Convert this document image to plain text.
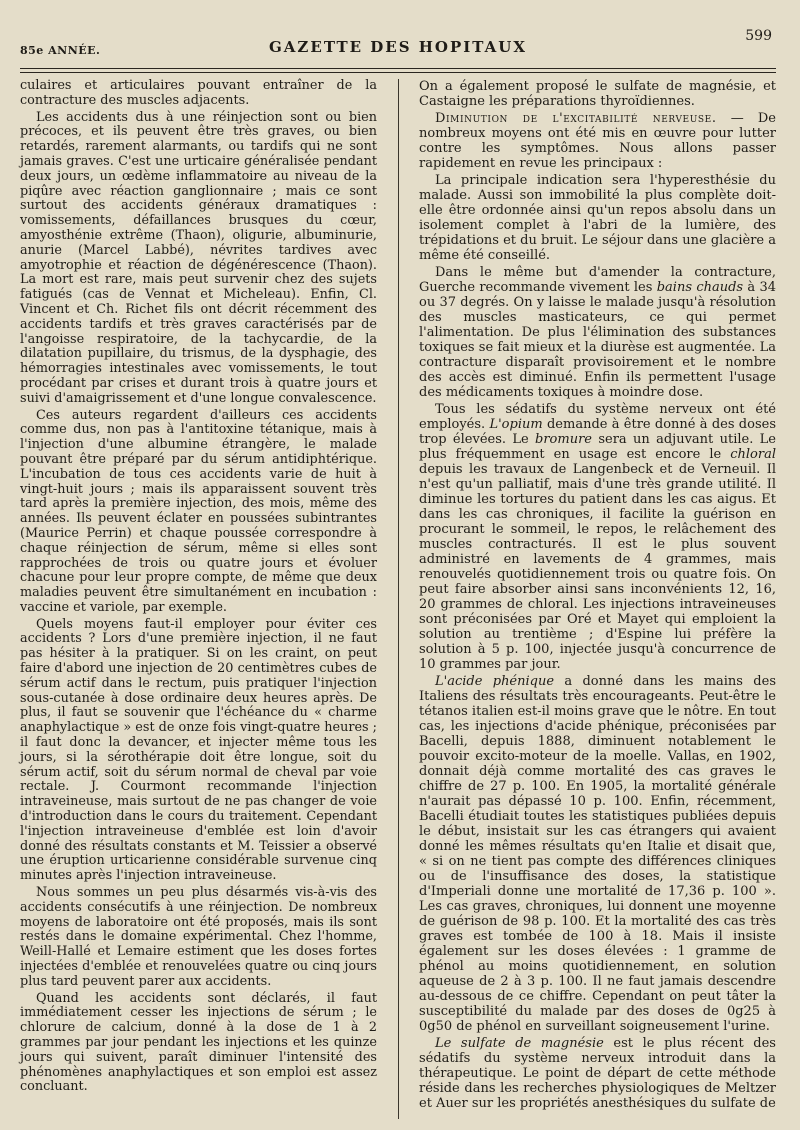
85e ANNÉE.	GAZETTE DES HOPITAUX
599

culaires et articulaires pouvant entraîner de la contracture des muscles adjacents.

Les accidents dus à une réinjection sont ou bien précoces, et ils peuvent être très graves, ou bien retardés, rarement alarmants, ou tardifs qui ne sont jamais graves. C'est une urticaire généralisée pendant deux jours, un œdème inflammatoire au niveau de la piqûre avec réaction ganglionnaire ; mais ce sont surtout des accidents généraux dramatiques : vomissements, défaillances brusques du cœur, amyosthénie extrême (Thaon), oligurie, albuminurie, anurie (Marcel Labbé), névrites tardives avec amyotrophie et réaction de dégénérescence (Thaon). La mort est rare, mais peut survenir chez des sujets fatigués (cas de Vennat et Micheleau). Enfin, Cl. Vincent et Ch. Richet fils ont décrit récemment des accidents tardifs et très graves caractérisés par de l'angoisse respiratoire, de la tachycardie, de la dilatation pupillaire, du trismus, de la dysphagie, des hémorragies intestinales avec vomissements, le tout procédant par crises et durant trois à quatre jours et suivi d'amaigrissement et d'une longue convalescence.

Ces auteurs regardent d'ailleurs ces accidents comme dus, non pas à l'antitoxine tétanique, mais à l'injection d'une albumine étrangère, le malade pouvant être préparé par du sérum antidiphtérique. L'incubation de tous ces accidents varie de huit à vingt-huit jours ; mais ils apparaissent souvent très tard après la première injection, des mois, même des années. Ils peuvent éclater en poussées subintrantes (Maurice Perrin) et chaque poussée correspondre à chaque réinjection de sérum, même si elles sont rapprochées de trois ou quatre jours et évoluer chacune pour leur propre compte, de même que deux maladies peuvent être simultanément en incubation : vaccine et variole, par exemple.

Quels moyens faut-il employer pour éviter ces accidents ? Lors d'une première injection, il ne faut pas hésiter à la pratiquer. Si on les craint, on peut faire d'abord une injection de 20 centimètres cubes de sérum actif dans le rectum, puis pratiquer l'injection sous-cutanée à dose ordinaire deux heures après. De plus, il faut se souvenir que l'échéance du « charme anaphylactique » est de onze fois vingt-quatre heures ; il faut donc la devancer, et injecter même tous les jours, si la sérothérapie doit être longue, soit du sérum actif, soit du sérum normal de cheval par voie rectale. J. Courmont recommande l'injection intraveineuse, mais surtout de ne pas changer de voie d'introduction dans le cours du traitement. Cependant l'injection intraveineuse d'emblée est loin d'avoir donné des résultats constants et M. Teissier a observé une éruption urticarienne considérable survenue cinq minutes après l'injection intraveineuse.

Nous sommes un peu plus désarmés vis-à-vis des accidents consécutifs à une réinjection. De nombreux moyens de laboratoire ont été proposés, mais ils sont restés dans le domaine expérimental. Chez l'homme, Weill-Hallé et Lemaire estiment que les doses fortes injectées d'emblée et renouvelées quatre ou cinq jours plus tard peuvent parer aux accidents.

Quand les accidents sont déclarés, il faut immédiatement cesser les injections de sérum ; le chlorure de calcium, donné à la dose de 1 à 2 grammes par jour pendant les injections et les quinze jours qui suivent, paraît diminuer l'intensité des phénomènes anaphylactiques et son emploi est assez concluant.

On a également proposé le sulfate de magnésie, et Castaigne les préparations thyroïdiennes.

Diminution de l'excitabilité nerveuse. — De nombreux moyens ont été mis en œuvre pour lutter contre les symptômes. Nous allons passer rapidement en revue les principaux :

La principale indication sera l'hyperesthésie du malade. Aussi son immobilité la plus complète doit-elle être ordonnée ainsi qu'un repos absolu dans un isolement complet à l'abri de la lumière, des trépidations et du bruit. Le séjour dans une glacière a même été conseillé.

Dans le même but d'amender la contracture, Guerche recommande vivement les bains chauds à 34 ou 37 degrés. On y laisse le malade jusqu'à résolution des muscles masticateurs, ce qui permet l'alimentation. De plus l'élimination des substances toxiques se fait mieux et la diurèse est augmentée. La contracture disparaît provisoirement et le nombre des accès est diminué. Enfin ils permettent l'usage des médicaments toxiques à moindre dose.

Tous les sédatifs du système nerveux ont été employés. L'opium demande à être donné à des doses trop élevées. Le bromure sera un adjuvant utile. Le plus fréquemment en usage est encore le chloral depuis les travaux de Langenbeck et de Verneuil. Il n'est qu'un palliatif, mais d'une très grande utilité. Il diminue les tortures du patient dans les cas aigus. Et dans les cas chroniques, il facilite la guérison en procurant le sommeil, le repos, le relâchement des muscles contracturés. Il est le plus souvent administré en lavements de 4 grammes, mais renouvelés quotidiennement trois ou quatre fois. On peut faire absorber ainsi sans inconvénients 12, 16, 20 grammes de chloral. Les injections intraveineuses sont préconisées par Oré et Mayet qui emploient la solution au trentième ; d'Espine lui préfère la solution à 5 p. 100, injectée jusqu'à concurrence de 10 grammes par jour.

L'acide phénique a donné dans les mains des Italiens des résultats très encourageants. Peut-être le tétanos italien est-il moins grave que le nôtre. En tout cas, les injections d'acide phénique, préconisées par Bacelli, depuis 1888, diminuent notablement le pouvoir excito-moteur de la moelle. Vallas, en 1902, donnait déjà comme mortalité des cas graves le chiffre de 27 p. 100. En 1905, la mortalité générale n'aurait pas dépassé 10 p. 100. Enfin, récemment, Bacelli étudiait toutes les statistiques publiées depuis le début, insistait sur les cas étrangers qui avaient donné les mêmes résultats qu'en Italie et disait que, « si on ne tient pas compte des différences cliniques ou de l'insuffisance des doses, la statistique d'Imperiali donne une mortalité de 17,36 p. 100 ». Les cas graves, chroniques, lui donnent une moyenne de guérison de 98 p. 100. Et la mortalité des cas très graves est tombée de 100 à 18. Mais il insiste également sur les doses élevées : 1 gramme de phénol au moins quotidiennement, en solution aqueuse de 2 à 3 p. 100. Il ne faut jamais descendre au-dessous de ce chiffre. Cependant on peut tâter la susceptibilité du malade par des doses de 0g25 à 0g50 de phénol en surveillant soigneusement l'urine.

Le sulfate de magnésie est le plus récent des sédatifs du système nerveux introduit dans la thérapeutique. Le point de départ de cette méthode réside dans les recherches physiologiques de Meltzer et Auer sur les propriétés anesthésiques du sulfate de
